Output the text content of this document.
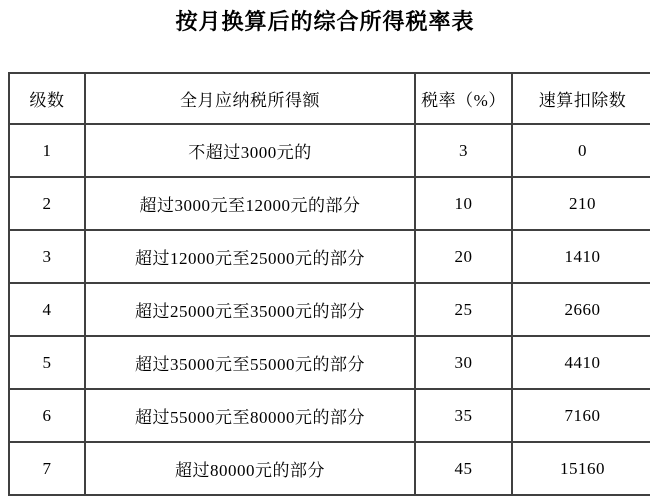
按月换算后的综合所得税率表
级数	全月应纳税所得额	税率（%）	速算扣除数
1	不超过3000元的	3	0
2	超过3000元至12000元的部分	10	210
3	超过12000元至25000元的部分	20	1410
4	超过25000元至35000元的部分	25	2660
5	超过35000元至55000元的部分	30	4410
6	超过55000元至80000元的部分	35	7160
7	超过80000元的部分	45	15160
